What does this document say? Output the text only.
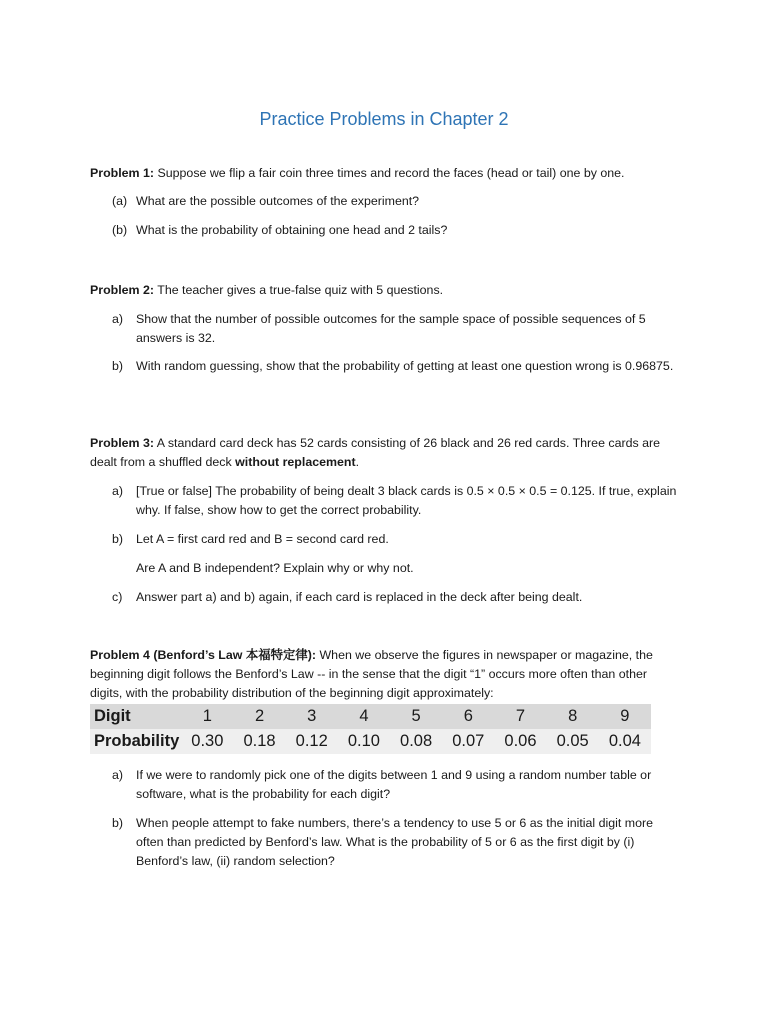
Practice Problems in Chapter 2
Problem 1: Suppose we flip a fair coin three times and record the faces (head or tail) one by one.
(a) What are the possible outcomes of the experiment?
(b) What is the probability of obtaining one head and 2 tails?
Problem 2: The teacher gives a true-false quiz with 5 questions.
a) Show that the number of possible outcomes for the sample space of possible sequences of 5 answers is 32.
b) With random guessing, show that the probability of getting at least one question wrong is 0.96875.
Problem 3: A standard card deck has 52 cards consisting of 26 black and 26 red cards. Three cards are dealt from a shuffled deck without replacement.
a) [True or false] The probability of being dealt 3 black cards is 0.5 × 0.5 × 0.5 = 0.125. If true, explain why. If false, show how to get the correct probability.
b) Let A = first card red and B = second card red.
Are A and B independent? Explain why or why not.
c) Answer part a) and b) again, if each card is replaced in the deck after being dealt.
Problem 4 (Benford’s Law 本福特定律): When we observe the figures in newspaper or magazine, the beginning digit follows the Benford’s Law -- in the sense that the digit “1” occurs more often than other digits, with the probability distribution of the beginning digit approximately:
Digit	1	2	3	4	5	6	7	8	9
Probability	0.30	0.18	0.12	0.10	0.08	0.07	0.06	0.05	0.04
a) If we were to randomly pick one of the digits between 1 and 9 using a random number table or software, what is the probability for each digit?
b) When people attempt to fake numbers, there’s a tendency to use 5 or 6 as the initial digit more often than predicted by Benford’s law. What is the probability of 5 or 6 as the first digit by (i) Benford’s law, (ii) random selection?
